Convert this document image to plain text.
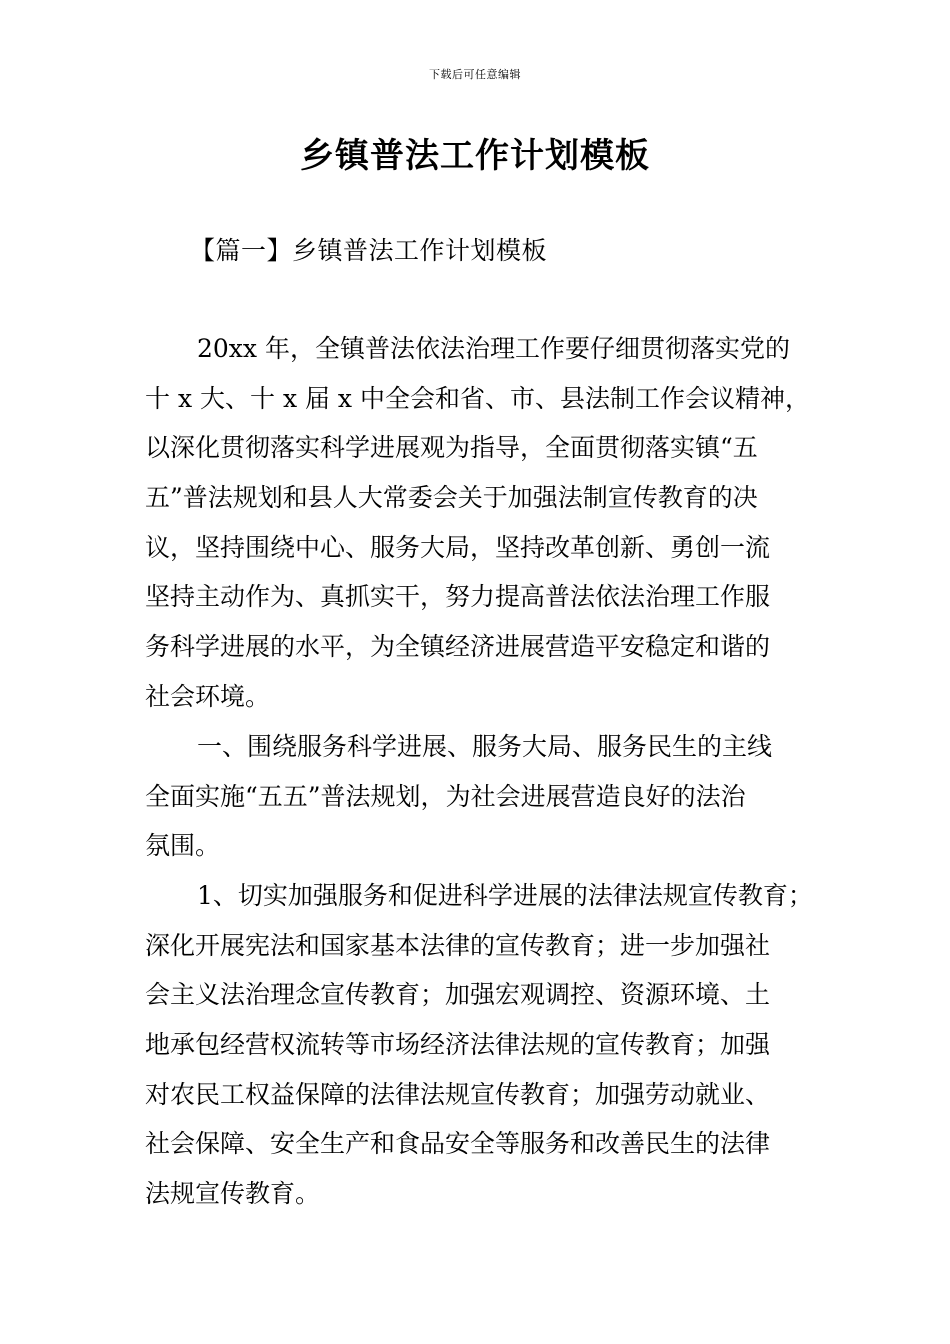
下载后可任意编辑
乡镇普法工作计划模板
【篇一】乡镇普法工作计划模板
20xx 年，全镇普法依法治理工作要仔细贯彻落实党的
十 x 大、十 x 届 x 中全会和省、市、县法制工作会议精神，
以深化贯彻落实科学进展观为指导，全面贯彻落实镇“五
五”普法规划和县人大常委会关于加强法制宣传教育的决
议，坚持围绕中心、服务大局，坚持改革创新、勇创一流
坚持主动作为、真抓实干，努力提高普法依法治理工作服
务科学进展的水平，为全镇经济进展营造平安稳定和谐的
社会环境。
一、围绕服务科学进展、服务大局、服务民生的主线
全面实施“五五”普法规划，为社会进展营造良好的法治
氛围。
1、切实加强服务和促进科学进展的法律法规宣传教育；
深化开展宪法和国家基本法律的宣传教育；进一步加强社
会主义法治理念宣传教育；加强宏观调控、资源环境、土
地承包经营权流转等市场经济法律法规的宣传教育；加强
对农民工权益保障的法律法规宣传教育；加强劳动就业、
社会保障、安全生产和食品安全等服务和改善民生的法律
法规宣传教育。
